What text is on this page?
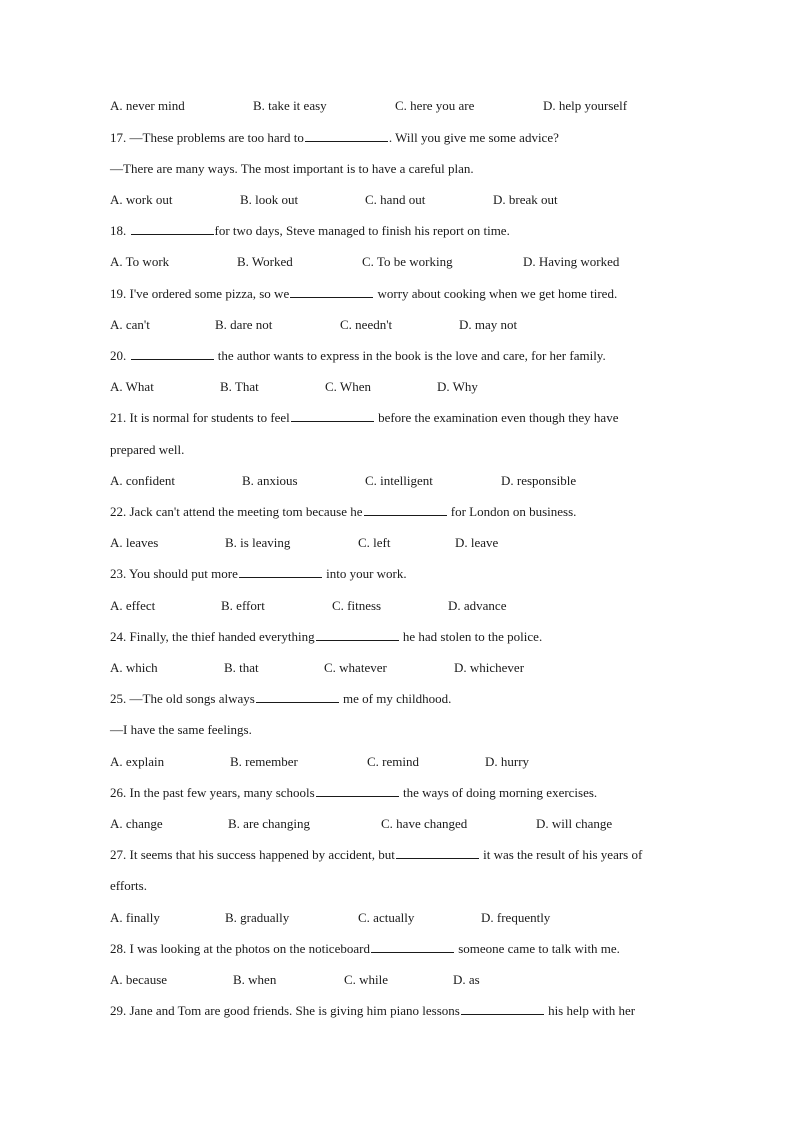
A. never mind	B. take it easy	C. here you are	D. help yourself
17. —These problems are too hard to	. Will you give me some advice?
—There are many ways. The most important is to have a careful plan.
A. work out	B. look out	C. hand out	D. break out
18.	for two days, Steve managed to finish his report on time.
A. To work	B. Worked	C. To be working	D. Having worked
19. I've ordered some pizza, so we	worry about cooking when we get home tired.
A. can't	B. dare not	C. needn't	D. may not
20.	the author wants to express in the book is the love and care, for her family.
A. What	B. That	C. When	D. Why
21. It is normal for students to feel	before the examination even though they have
prepared well.
A. confident	B. anxious	C. intelligent	D. responsible
22. Jack can't attend the meeting tom because he	for London on business.
A. leaves	B. is leaving	C. left	D. leave
23. You should put more	into your work.
A. effect	B. effort	C. fitness	D. advance
24. Finally, the thief handed everything	he had stolen to the police.
A. which	B. that	C. whatever	D. whichever
25. —The old songs always	me of my childhood.
—I have the same feelings.
A. explain	B. remember	C. remind	D. hurry
26. In the past few years, many schools	the ways of doing morning exercises.
A. change	B. are changing	C. have changed	D. will change
27. It seems that his success happened by accident, but	it was the result of his years of
efforts.
A. finally	B. gradually	C. actually	D. frequently
28. I was looking at the photos on the noticeboard	someone came to talk with me.
A. because	B. when	C. while	D. as
29. Jane and Tom are good friends. She is giving him piano lessons	his help with her
